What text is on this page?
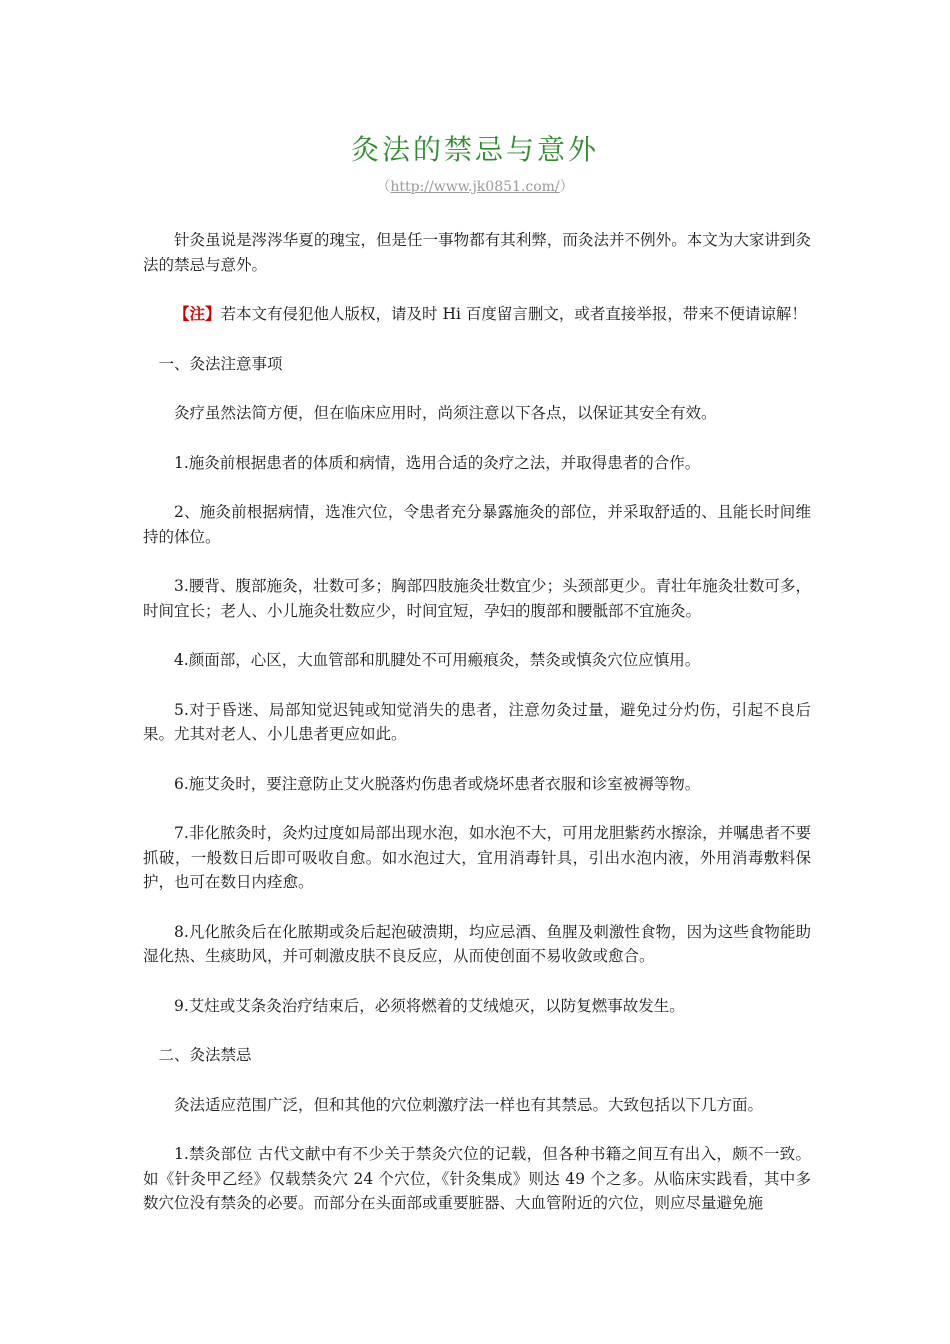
灸法的禁忌与意外
（http://www.jk0851.com/）

针灸虽说是涔涔华夏的瑰宝，但是任一事物都有其利弊，而灸法并不例外。本文为大家讲到灸法的禁忌与意外。

【注】若本文有侵犯他人版权，请及时 Hi 百度留言删文，或者直接举报，带来不便请谅解！

一、灸法注意事项

灸疗虽然法简方便，但在临床应用时，尚须注意以下各点，以保证其安全有效。

1.施灸前根据患者的体质和病情，选用合适的灸疗之法，并取得患者的合作。

2、施灸前根据病情，选准穴位，令患者充分暴露施灸的部位，并采取舒适的、且能长时间维持的体位。

3.腰背、腹部施灸，壮数可多；胸部四肢施灸壮数宜少；头颈部更少。青壮年施灸壮数可多，时间宜长；老人、小儿施灸壮数应少，时间宜短，孕妇的腹部和腰骶部不宜施灸。

4.颜面部，心区，大血管部和肌腱处不可用瘢痕灸，禁灸或慎灸穴位应慎用。

5.对于昏迷、局部知觉迟钝或知觉消失的患者，注意勿灸过量，避免过分灼伤，引起不良后果。尤其对老人、小儿患者更应如此。

6.施艾灸时，要注意防止艾火脱落灼伤患者或烧坏患者衣服和诊室被褥等物。

7.非化脓灸时，灸灼过度如局部出现水泡，如水泡不大，可用龙胆紫药水擦涂，并嘱患者不要抓破，一般数日后即可吸收自愈。如水泡过大，宜用消毒针具，引出水泡内液，外用消毒敷料保护，也可在数日内痊愈。

8.凡化脓灸后在化脓期或灸后起泡破溃期，均应忌酒、鱼腥及刺激性食物，因为这些食物能助湿化热、生痰助风，并可刺激皮肤不良反应，从而使创面不易收敛或愈合。

9.艾炷或艾条灸治疗结束后，必须将燃着的艾绒熄灭，以防复燃事故发生。

二、灸法禁忌

灸法适应范围广泛，但和其他的穴位刺激疗法一样也有其禁忌。大致包括以下几方面。

1.禁灸部位 古代文献中有不少关于禁灸穴位的记载，但各种书籍之间互有出入，颇不一致。如《针灸甲乙经》仅载禁灸穴 24 个穴位，《针灸集成》则达 49 个之多。从临床实践看，其中多数穴位没有禁灸的必要。而部分在头面部或重要脏器、大血管附近的穴位，则应尽量避免施
